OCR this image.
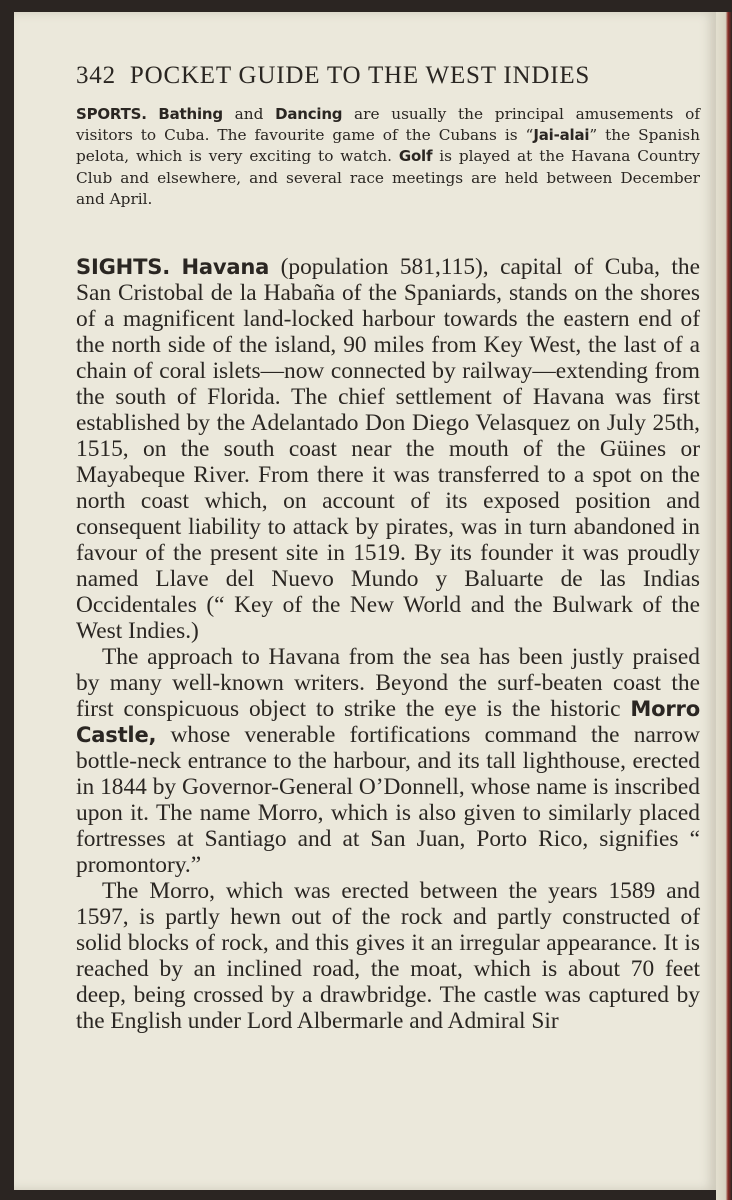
342 POCKET GUIDE TO THE WEST INDIES

SPORTS. Bathing and Dancing are usually the principal amusements of visitors to Cuba. The favourite game of the Cubans is “Jai-alai” the Spanish pelota, which is very exciting to watch. Golf is played at the Havana Country Club and elsewhere, and several race meetings are held between December and April.

SIGHTS. Havana (population 581,115), capital of Cuba, the San Cristobal de la Habaña of the Spaniards, stands on the shores of a magnificent land-locked harbour towards the eastern end of the north side of the island, 90 miles from Key West, the last of a chain of coral islets—now connected by railway—extending from the south of Florida. The chief settlement of Havana was first established by the Adelantado Don Diego Velasquez on July 25th, 1515, on the south coast near the mouth of the Güines or Mayabeque River. From there it was transferred to a spot on the north coast which, on account of its exposed position and consequent liability to attack by pirates, was in turn abandoned in favour of the present site in 1519. By its founder it was proudly named Llave del Nuevo Mundo y Baluarte de las Indias Occidentales (“ Key of the New World and the Bulwark of the West Indies.)

The approach to Havana from the sea has been justly praised by many well-known writers. Beyond the surf-beaten coast the first conspicuous object to strike the eye is the historic Morro Castle, whose venerable fortifications command the narrow bottle-neck entrance to the harbour, and its tall lighthouse, erected in 1844 by Governor-General O’Donnell, whose name is inscribed upon it. The name Morro, which is also given to similarly placed fortresses at Santiago and at San Juan, Porto Rico, signifies “ promontory.”

The Morro, which was erected between the years 1589 and 1597, is partly hewn out of the rock and partly constructed of solid blocks of rock, and this gives it an irregular appearance. It is reached by an inclined road, the moat, which is about 70 feet deep, being crossed by a drawbridge. The castle was captured by the English under Lord Albermarle and Admiral Sir
